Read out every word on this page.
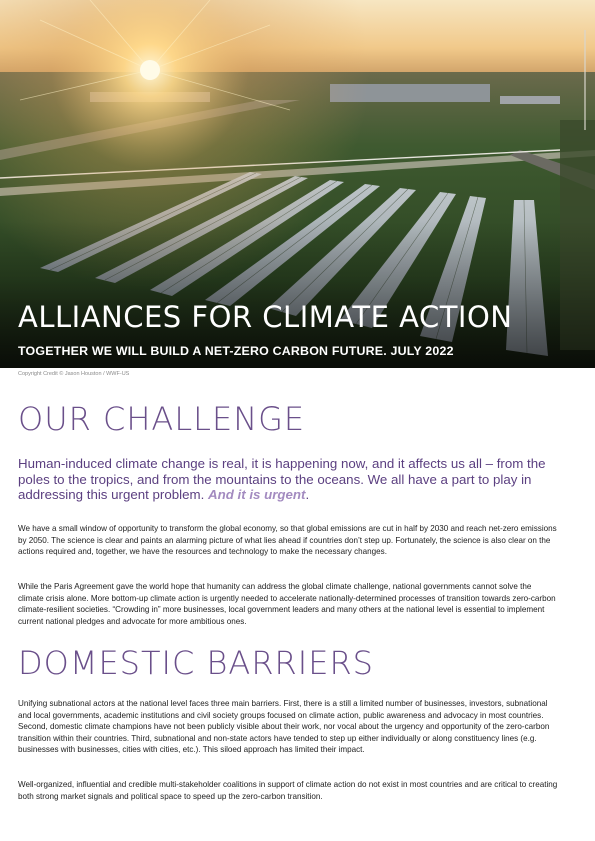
ALLIANCES FOR CLIMATE ACTION
TOGETHER WE WILL BUILD A NET-ZERO CARBON FUTURE. JULY 2022
Copyright Credit © Jason Houston / WWF-US
OUR CHALLENGE
Human-induced climate change is real, it is happening now, and it affects us all – from the poles to the tropics, and from the mountains to the oceans. We all have a part to play in addressing this urgent problem. And it is urgent.

We have a small window of opportunity to transform the global economy, so that global emissions are cut in half by 2030 and reach net-zero emissions by 2050. The science is clear and paints an alarming picture of what lies ahead if countries don’t step up. Fortunately, the science is also clear on the actions required and, together, we have the resources and technology to make the necessary changes.

While the Paris Agreement gave the world hope that humanity can address the global climate challenge, national governments cannot solve the climate crisis alone. More bottom-up climate action is urgently needed to accelerate nationally-determined processes of transition towards zero-carbon climate-resilient societies. “Crowding in” more businesses, local government leaders and many others at the national level is essential to implement current national pledges and advocate for more ambitious ones.

DOMESTIC BARRIERS

Unifying subnational actors at the national level faces three main barriers. First, there is a still a limited number of businesses, investors, subnational and local governments, academic institutions and civil society groups focused on climate action, public awareness and advocacy in most countries. Second, domestic climate champions have not been publicly visible about their work, nor vocal about the urgency and opportunity of the zero-carbon transition within their countries. Third, subnational and non-state actors have tended to step up either individually or along constituency lines (e.g. businesses with businesses, cities with cities, etc.). This siloed approach has limited their impact.

Well-organized, influential and credible multi-stakeholder coalitions in support of climate action do not exist in most countries and are critical to creating both strong market signals and political space to speed up the zero-carbon transition.
